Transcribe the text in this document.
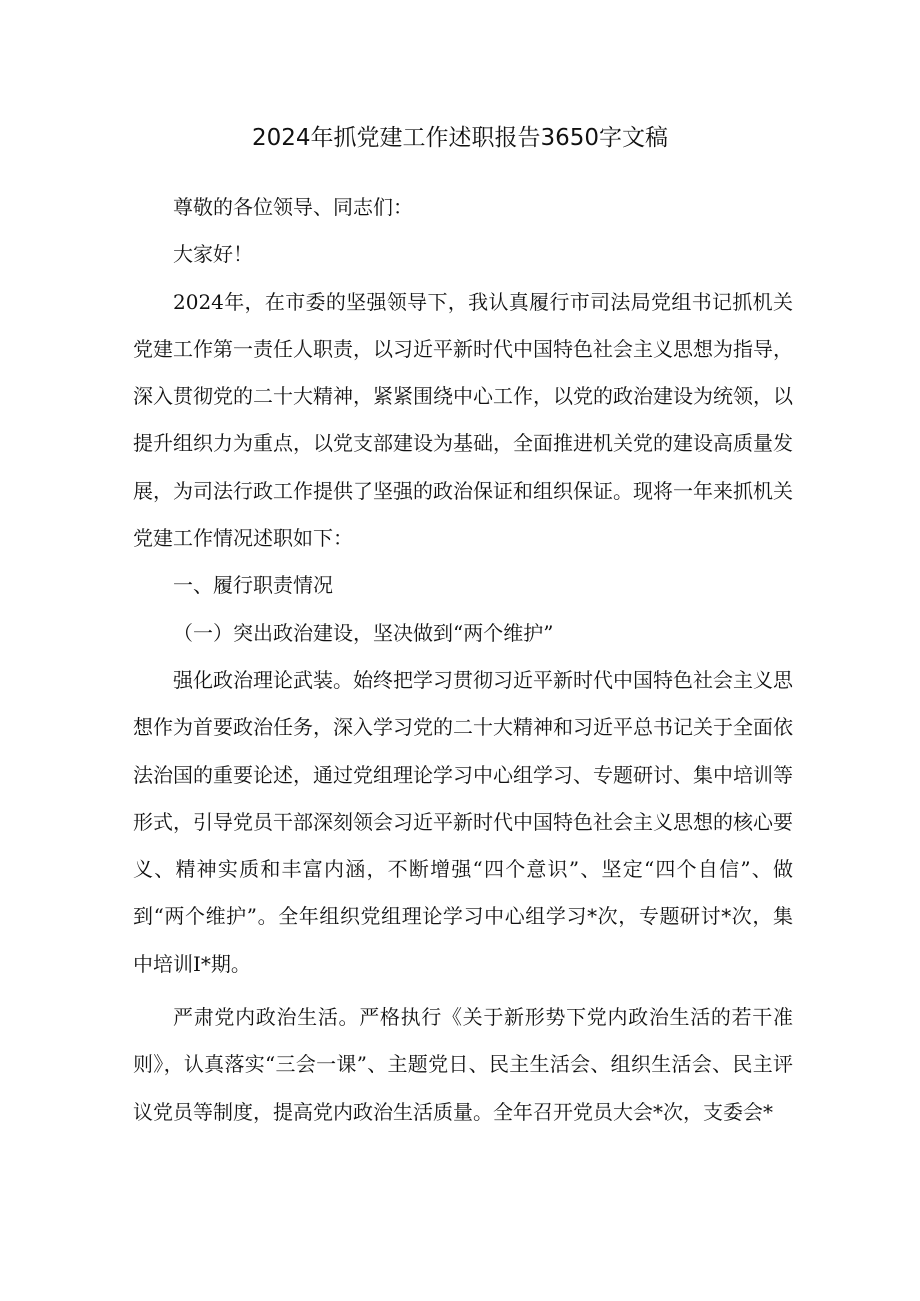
2024年抓党建工作述职报告3650字文稿

尊敬的各位领导、同志们：

大家好！

2024年，在市委的坚强领导下，我认真履行市司法局党组书记抓机关党建工作第一责任人职责，以习近平新时代中国特色社会主义思想为指导，深入贯彻党的二十大精神，紧紧围绕中心工作，以党的政治建设为统领，以提升组织力为重点，以党支部建设为基础，全面推进机关党的建设高质量发展，为司法行政工作提供了坚强的政治保证和组织保证。现将一年来抓机关党建工作情况述职如下：

一、履行职责情况

（一）突出政治建设，坚决做到“两个维护”

强化政治理论武装。始终把学习贯彻习近平新时代中国特色社会主义思想作为首要政治任务，深入学习党的二十大精神和习近平总书记关于全面依法治国的重要论述，通过党组理论学习中心组学习、专题研讨、集中培训等形式，引导党员干部深刻领会习近平新时代中国特色社会主义思想的核心要义、精神实质和丰富内涵，不断增强“四个意识”、坚定“四个自信”、做到“两个维护”。全年组织党组理论学习中心组学习*次，专题研讨*次，集中培训I*期。

严肃党内政治生活。严格执行《关于新形势下党内政治生活的若干准则》，认真落实“三会一课”、主题党日、民主生活会、组织生活会、民主评议党员等制度，提高党内政治生活质量。全年召开党员大会*次，支委会*
